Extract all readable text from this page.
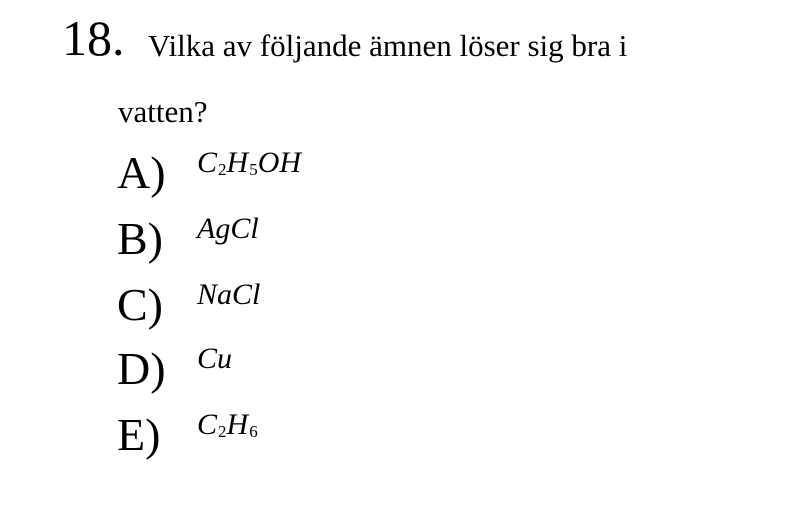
18. Vilka av följande ämnen löser sig bra i
vatten?
A) $C_2H_5OH$
B) AgCl
C) NaCl
D) Cu
E) $C_2H_6$
